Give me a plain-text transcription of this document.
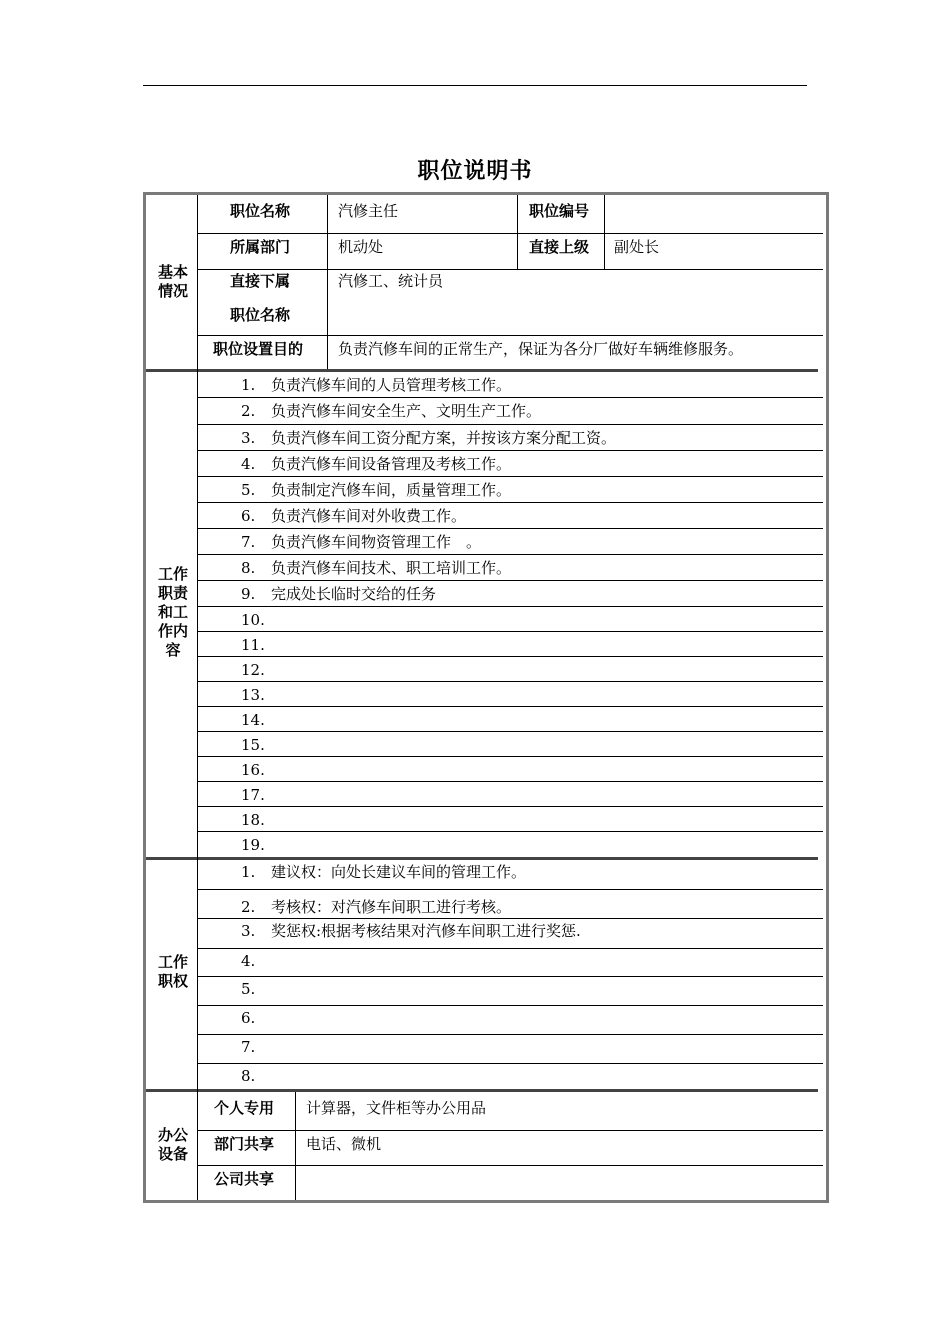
职位说明书
基本情况
职位名称	汽修主任	职位编号
所属部门	机动处	直接上级 副处长
直接下属
职位名称
汽修工、统计员
职位设置目的 负责汽修车间的正常生产，保证为各分厂做好车辆维修服务。
工作职责和工作内容
1. 负责汽修车间的人员管理考核工作。
2. 负责汽修车间安全生产、文明生产工作。
3. 负责汽修车间工资分配方案，并按该方案分配工资。
4. 负责汽修车间设备管理及考核工作。
5. 负责制定汽修车间，质量管理工作。
6. 负责汽修车间对外收费工作。
7. 负责汽修车间物资管理工作　。
8. 负责汽修车间技术、职工培训工作。
9. 完成处长临时交给的任务
10.
11.
12.
13.
14.
15.
16.
17.
18.
19.
工作职权
1. 建议权：向处长建议车间的管理工作。
2. 考核权：对汽修车间职工进行考核。
3. 奖惩权:根据考核结果对汽修车间职工进行奖惩.
4.
5.
6.
7.
8.
办公设备
个人专用 计算器，文件柜等办公用品
部门共享 电话、微机
公司共享
